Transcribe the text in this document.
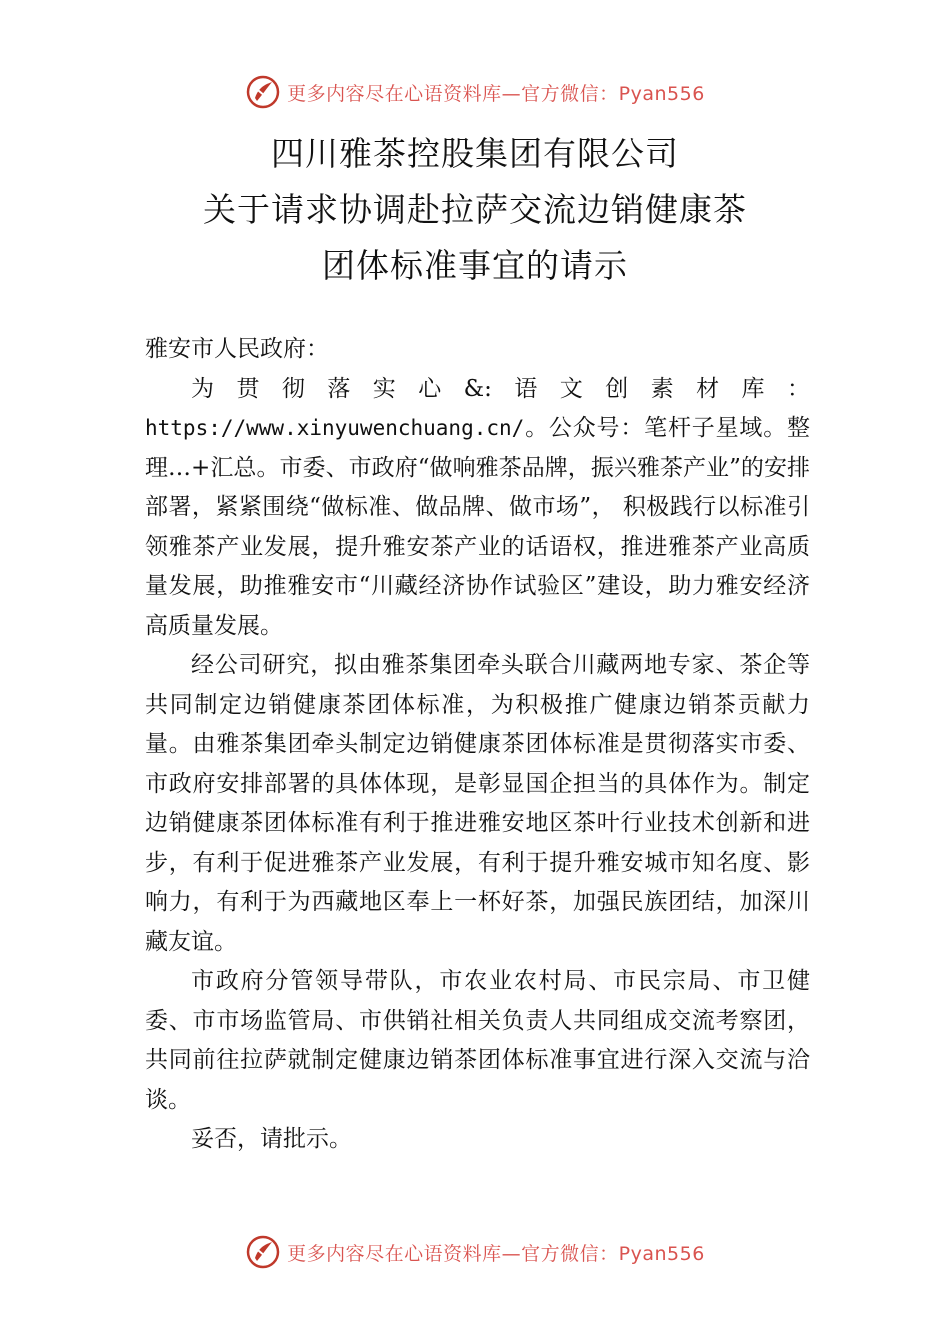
更多内容尽在心语资料库—官方微信：Pyan556
四川雅茶控股集团有限公司
关于请求协调赴拉萨交流边销健康茶
团体标准事宜的请示

雅安市人民政府：

为贯彻落实心&:语文创素材库：https://www.xinyuwenchuang.cn/。公众号：笔杆子星域。整理…+汇总。市委、市政府“做响雅茶品牌，振兴雅茶产业”的安排部署，紧紧围绕“做标准、做品牌、做市场”， 积极践行以标准引领雅茶产业发展，提升雅安茶产业的话语权，推进雅茶产业高质量发展，助推雅安市“川藏经济协作试验区”建设，助力雅安经济高质量发展。

经公司研究，拟由雅茶集团牵头联合川藏两地专家、茶企等共同制定边销健康茶团体标准，为积极推广健康边销茶贡献力量。由雅茶集团牵头制定边销健康茶团体标准是贯彻落实市委、市政府安排部署的具体体现，是彰显国企担当的具体作为。制定边销健康茶团体标准有利于推进雅安地区茶叶行业技术创新和进步，有利于促进雅茶产业发展，有利于提升雅安城市知名度、影响力，有利于为西藏地区奉上一杯好茶，加强民族团结，加深川藏友谊。

市政府分管领导带队，市农业农村局、市民宗局、市卫健委、市市场监管局、市供销社相关负责人共同组成交流考察团，共同前往拉萨就制定健康边销茶团体标准事宜进行深入交流与洽谈。

妥否，请批示。

更多内容尽在心语资料库—官方微信：Pyan556
